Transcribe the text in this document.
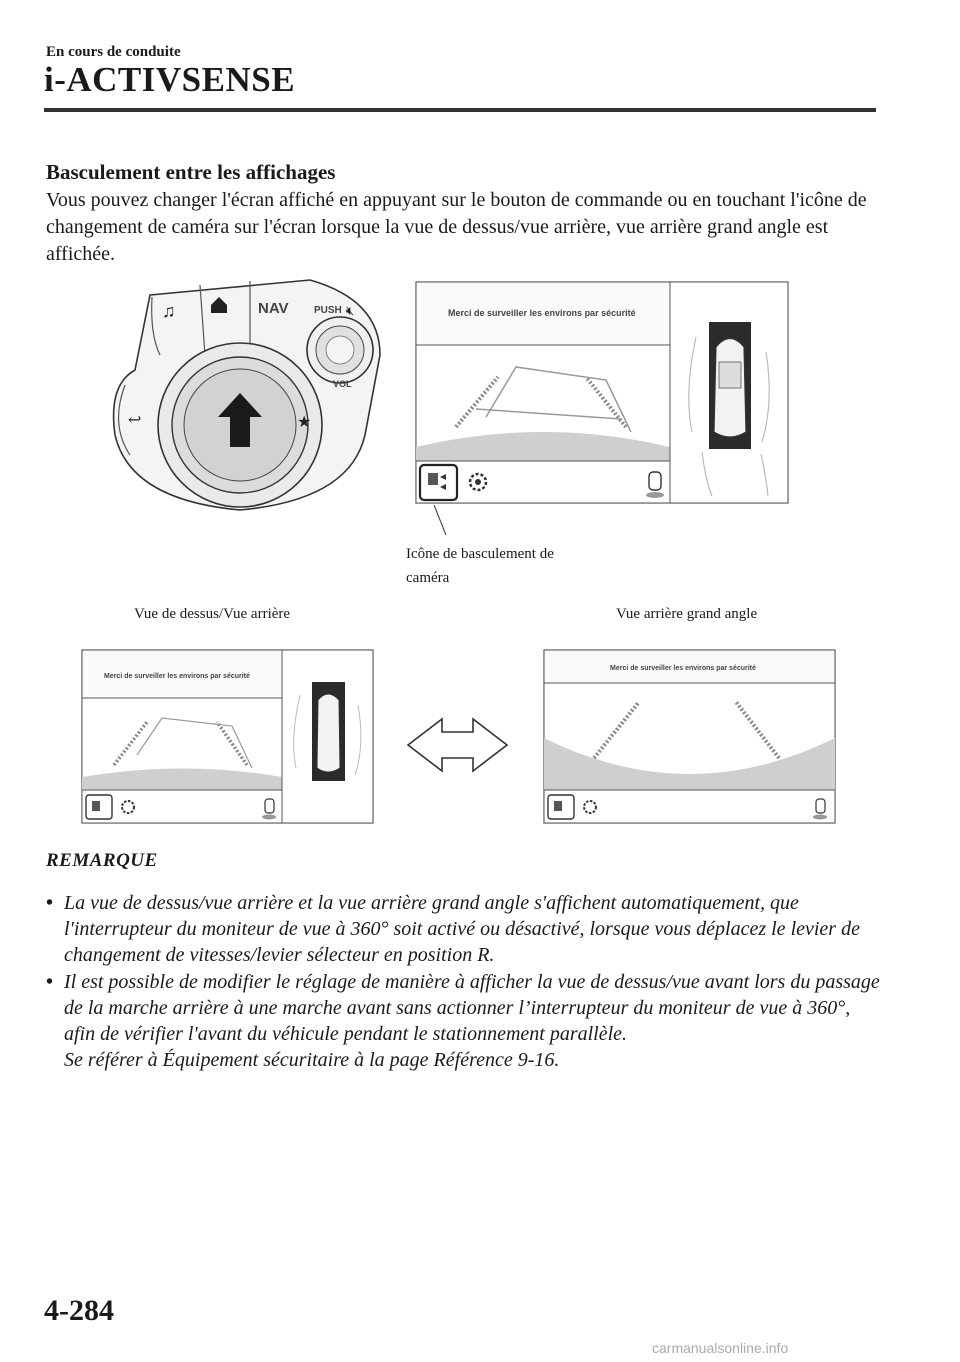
En cours de conduite
i-ACTIVSENSE
Basculement entre les affichages
Vous pouvez changer l'écran affiché en appuyant sur le bouton de commande ou en touchant l'icône de changement de caméra sur l'écran lorsque la vue de dessus/vue arrière, vue arrière grand angle est affichée.
♫	NAV
↩	★
PUSH 🔇︎
VOL
Merci de surveiller les environs par sécurité
Icône de basculement de caméra
Vue de dessus/Vue arrière	Vue arrière grand angle
Merci de surveiller les environs par sécurité
Merci de surveiller les environs par sécurité
REMARQUE
• La vue de dessus/vue arrière et la vue arrière grand angle s'affichent automatiquement, que l'interrupteur du moniteur de vue à 360° soit activé ou désactivé, lorsque vous déplacez le levier de changement de vitesses/levier sélecteur en position R.
• Il est possible de modifier le réglage de manière à afficher la vue de dessus/vue avant lors du passage de la marche arrière à une marche avant sans actionner l’interrupteur du moniteur de vue à 360°, afin de vérifier l'avant du véhicule pendant le stationnement parallèle.
Se référer à Équipement sécuritaire à la page Référence 9-16.
4-284
carmanualsonline.info
